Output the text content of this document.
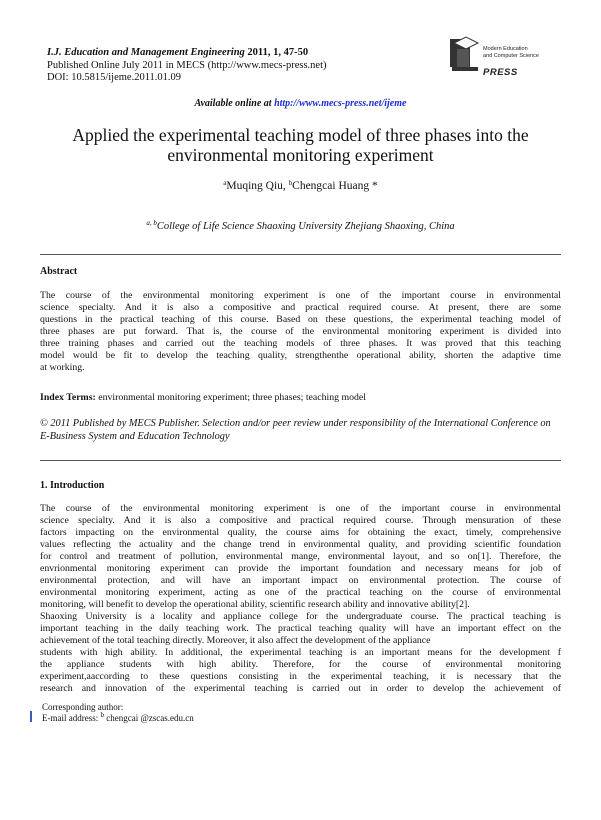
I.J. Education and Management Engineering 2011, 1, 47-50
Published Online July 2011 in MECS (http://www.mecs-press.net)
DOI: 10.5815/ijeme.2011.01.09
Modern Education
and Computer Science
PRESS
Available online at http://www.mecs-press.net/ijeme
Applied the experimental teaching model of three phases into the environmental monitoring experiment
$^a$Muqing Qiu, $^b$Chengcai Huang *
$^{a, b}$College of Life Science Shaoxing University Zhejiang Shaoxing, China
Abstract
The course of the environmental monitoring experiment is one of the important course in environmental
science specialty. And it is also a compositive and practical required course. At present, there are some
questions in the practical teaching of this course. Based on these questions, the experimental teaching model of
three phases are put forward. That is, the course of the environmental monitoring experiment is divided into
three training phases and carried out the teaching models of three phases. It was proved that this teaching
model would be fit to develop the teaching quality, strengthenthe operational ability, shorten the adaptive time
at working.
Index Terms: environmental monitoring experiment; three phases; teaching model
© 2011 Published by MECS Publisher. Selection and/or peer review under responsibility of the International Conference on E-Business System and Education Technology
1. Introduction
The course of the environmental monitoring experiment is one of the important course in environmental
science specialty. And it is also a compositive and practical required course. Through mensuration of these
factors impacting on the environmental quality, the course aims for obtaining the exact, timely, comprehensive
values reflecting the actuality and the change trend in environmental quality, and providing scientific foundation
for control and treatment of pollution, environmental mange, environmental layout, and so on[1]. Therefore, the
envrionmental monitoring experiment can provide the important foundation and necessary means for job of
environmental protection, and will have an important impact on environmental protection. The course of
environmental monitoring experiment, acting as one of the practical teaching on the course of environmental
monitoring, will benefit to develop the operational ability, scientific research ability and innovative ability[2].
Shaoxing University is a locality and appliance college for the undergraduate course. The practical teaching is
important teaching in the daily teaching work. The practical teaching quality will have an important effect on the
achievement of the total teaching directly. Moreover, it also affect the development of the appliance
students with high ability. In additional, the experimental teaching is an important means for the development f
the appliance students with high ability. Therefore, for the course of environmental monitoring
experiment,aaccording to these questions consisting in the experimental teaching, it is necessary that the
research and innovation of the experimental teaching is carried out in order to develop the achievement of
Corresponding author:
E-mail address: $^b$ chengcai @zscas.edu.cn
